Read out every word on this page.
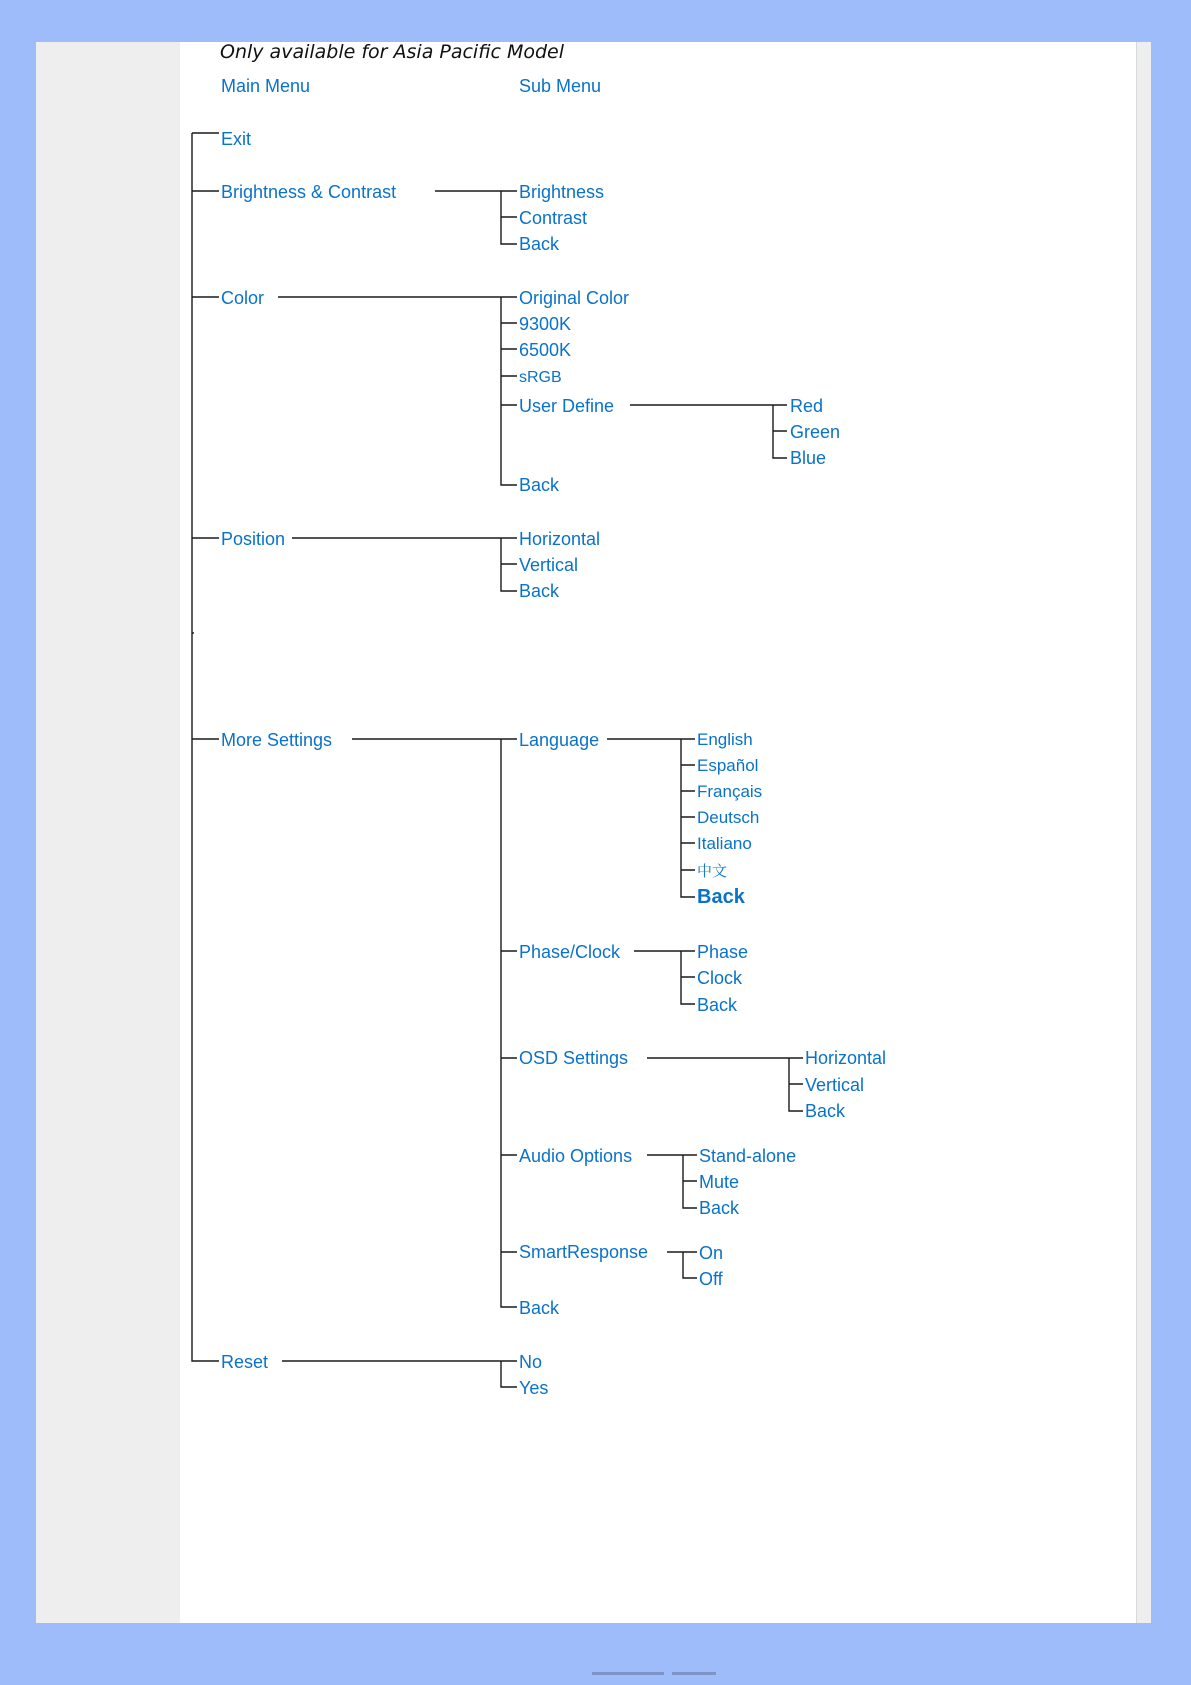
Only available for Asia Pacific Model
Main Menu	Sub Menu
Exit
Brightness & Contrast	Brightness
Contrast
Back
Color	Original Color
9300K
6500K
sRGB
User Define
Back
Red
Green
Blue
Position	Horizontal
Vertical
Back
More Settings	Language
Phase/Clock
OSD Settings
Audio Options
SmartResponse
Back
English
Español
Français
Deutsch
Italiano
中文
Back
Phase
Clock
Back
Horizontal
Vertical
Back
Stand-alone
Mute
Back
On
Off
Reset	No
Yes
